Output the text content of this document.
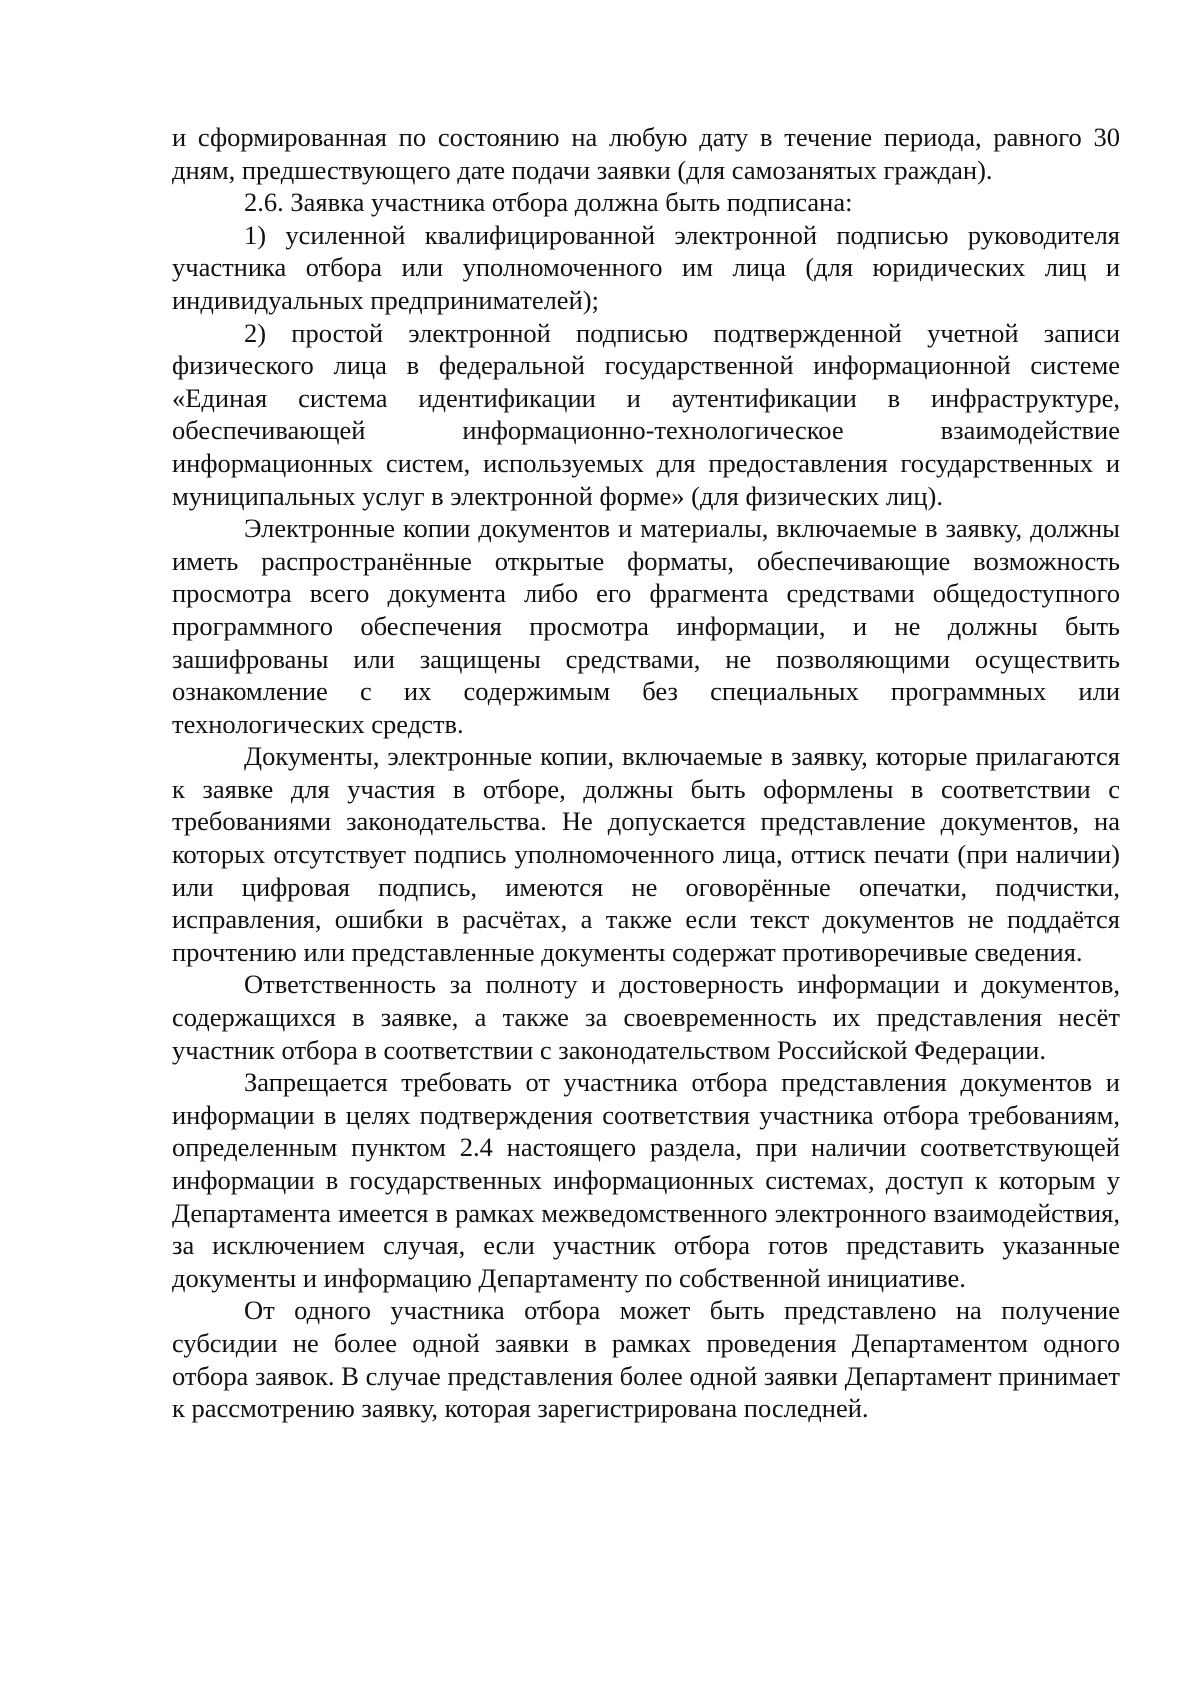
и сформированная по состоянию на любую дату в течение периода, равного 30 дням, предшествующего дате подачи заявки (для самозанятых граждан).

2.6. Заявка участника отбора должна быть подписана:

1) усиленной квалифицированной электронной подписью руководителя участника отбора или уполномоченного им лица (для юридических лиц и индивидуальных предпринимателей);

2) простой электронной подписью подтвержденной учетной записи физического лица в федеральной государственной информационной системе «Единая система идентификации и аутентификации в инфраструктуре, обеспечивающей информационно-технологическое взаимодействие информационных систем, используемых для предоставления государственных и муниципальных услуг в электронной форме» (для физических лиц).

Электронные копии документов и материалы, включаемые в заявку, должны иметь распространённые открытые форматы, обеспечивающие возможность просмотра всего документа либо его фрагмента средствами общедоступного программного обеспечения просмотра информации, и не должны быть зашифрованы или защищены средствами, не позволяющими осуществить ознакомление с их содержимым без специальных программных или технологических средств.

Документы, электронные копии, включаемые в заявку, которые прилагаются к заявке для участия в отборе, должны быть оформлены в соответствии с требованиями законодательства. Не допускается представление документов, на которых отсутствует подпись уполномоченного лица, оттиск печати (при наличии) или цифровая подпись, имеются не оговорённые опечатки, подчистки, исправления, ошибки в расчётах, а также если текст документов не поддаётся прочтению или представленные документы содержат противоречивые сведения.

Ответственность за полноту и достоверность информации и документов, содержащихся в заявке, а также за своевременность их представления несёт участник отбора в соответствии с законодательством Российской Федерации.

Запрещается требовать от участника отбора представления документов и информации в целях подтверждения соответствия участника отбора требованиям, определенным пунктом 2.4 настоящего раздела, при наличии соответствующей информации в государственных информационных системах, доступ к которым у Департамента имеется в рамках межведомственного электронного взаимодействия, за исключением случая, если участник отбора готов представить указанные документы и информацию Департаменту по собственной инициативе.

От одного участника отбора может быть представлено на получение субсидии не более одной заявки в рамках проведения Департаментом одного отбора заявок. В случае представления более одной заявки Департамент принимает к рассмотрению заявку, которая зарегистрирована последней.
